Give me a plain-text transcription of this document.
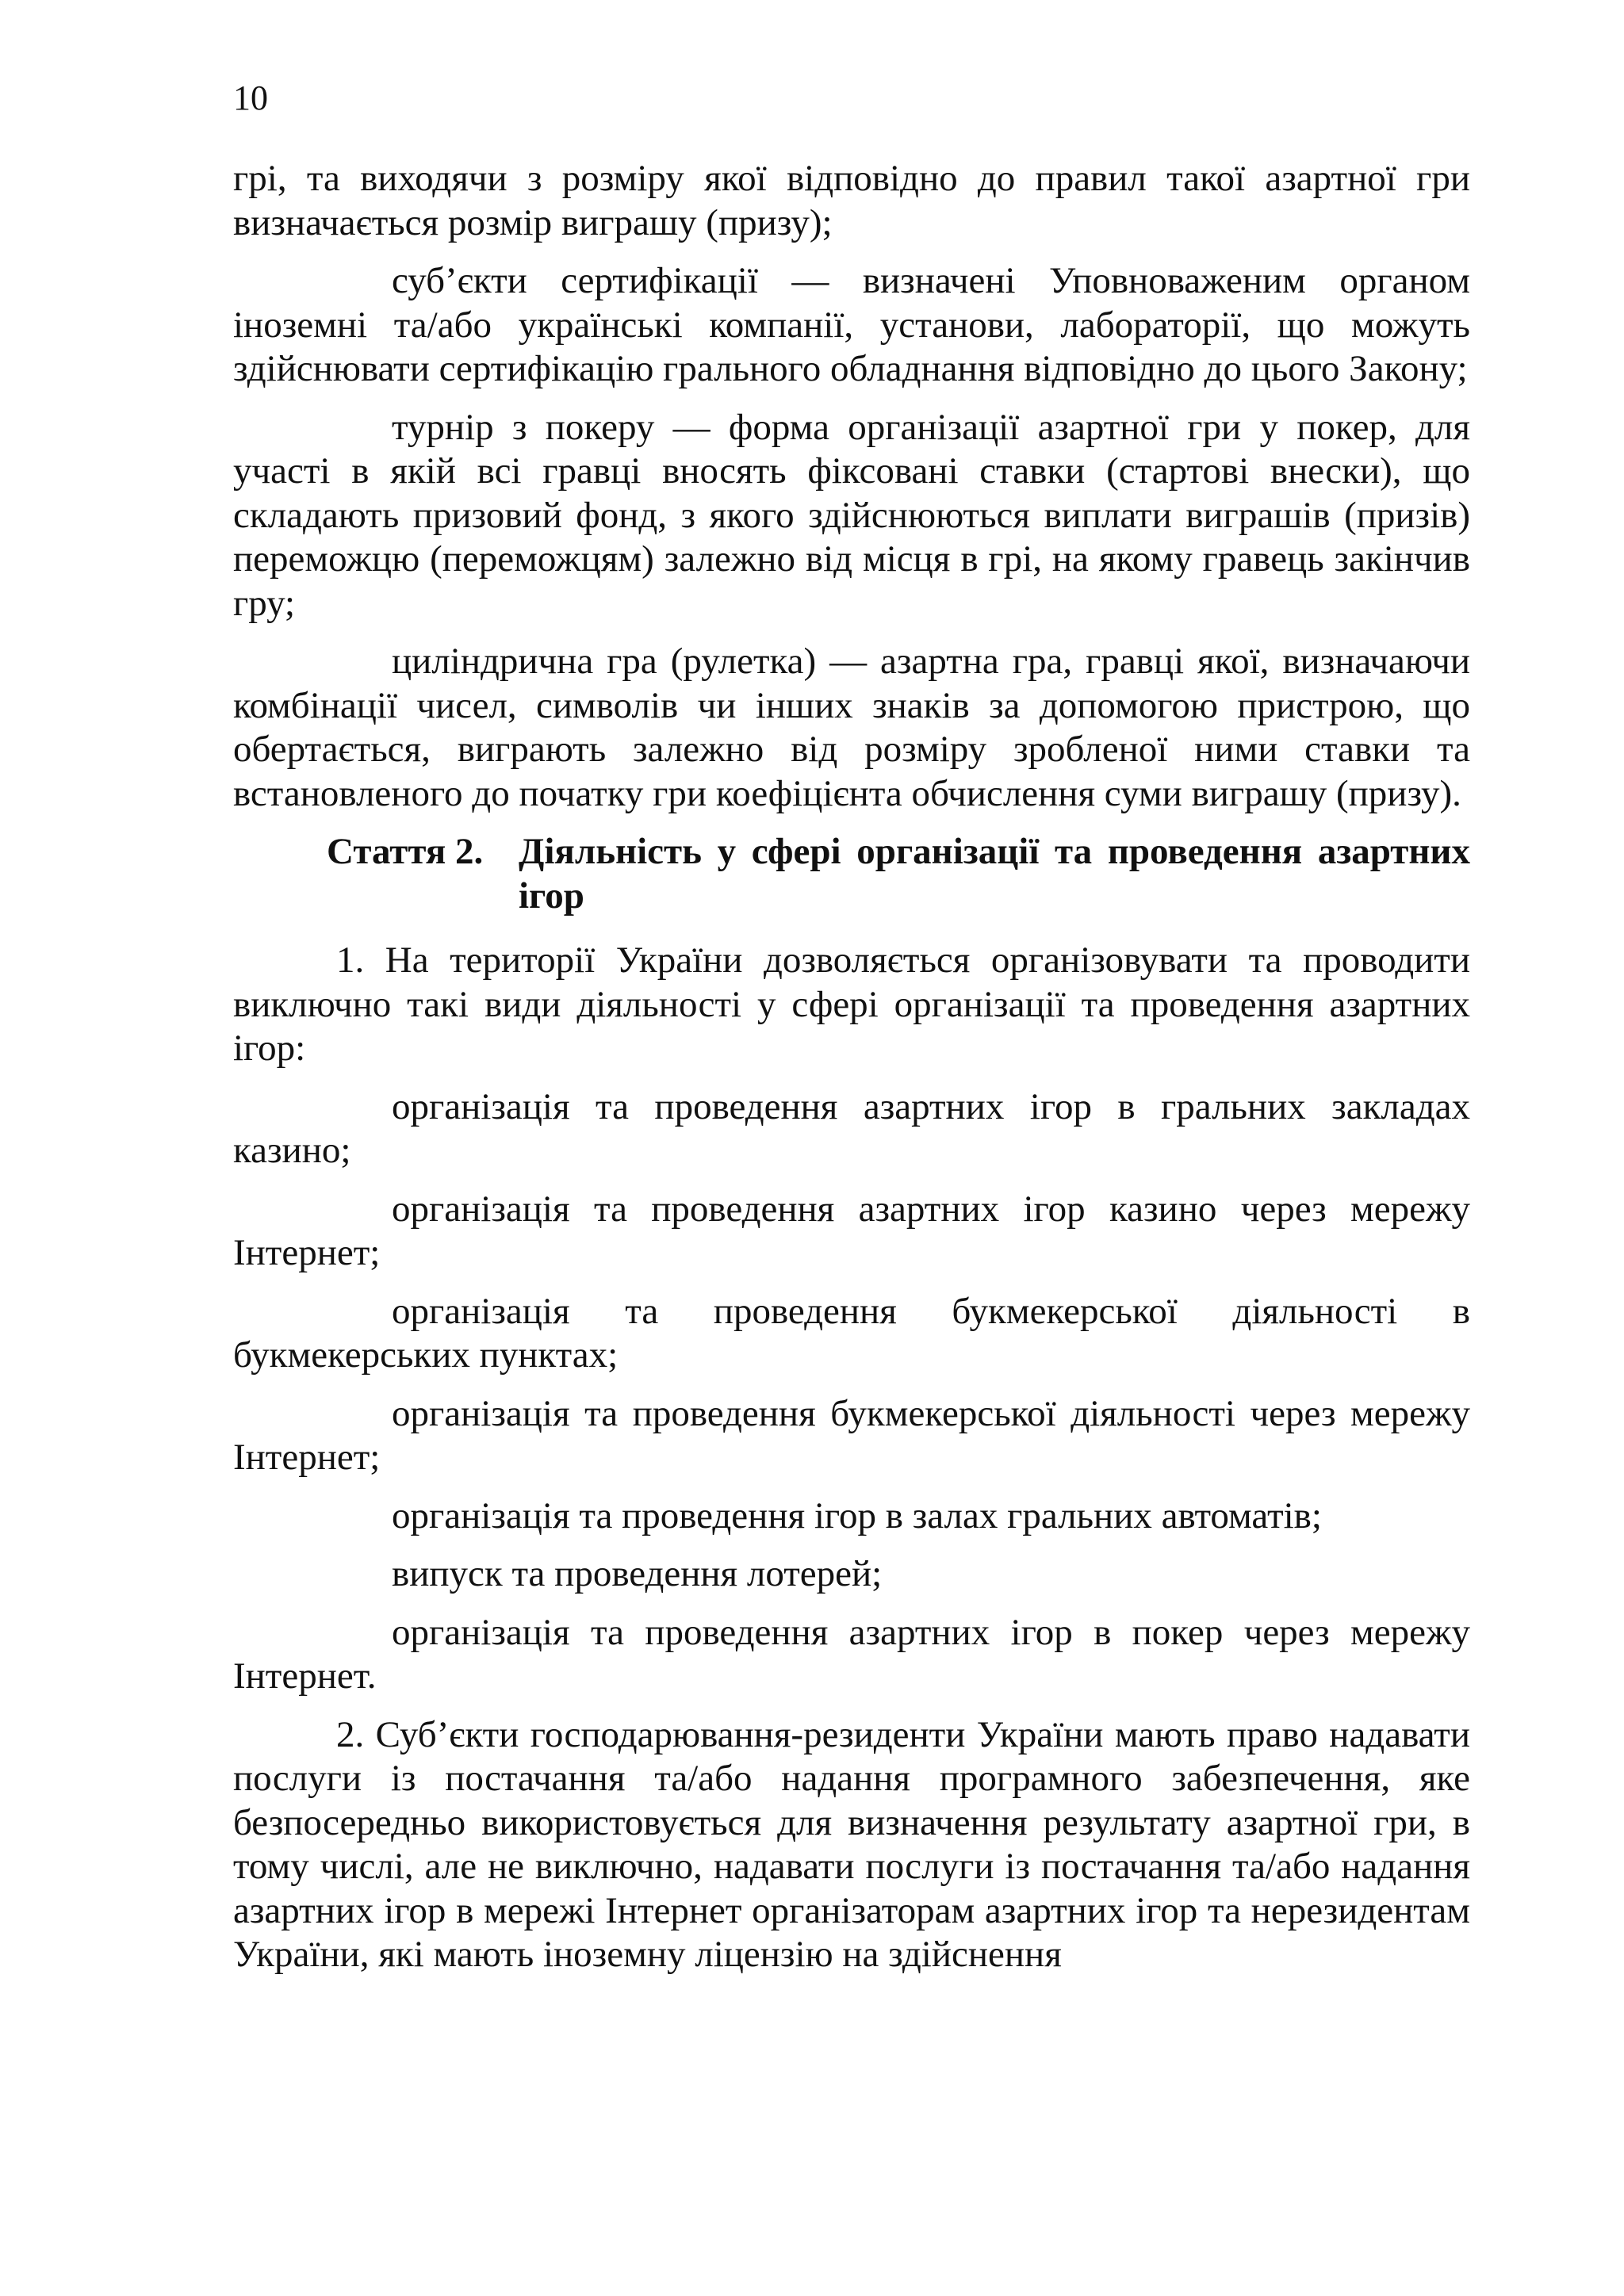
10

грі, та виходячи з розміру якої відповідно до правил такої азартної гри визначається розмір виграшу (призу);

суб’єкти сертифікації — визначені Уповноваженим органом іноземні та/або українські компанії, установи, лабораторії, що можуть здійснювати сертифікацію грального обладнання відповідно до цього Закону;

турнір з покеру — форма організації азартної гри у покер, для участі в якій всі гравці вносять фіксовані ставки (стартові внески), що складають призовий фонд, з якого здійснюються виплати виграшів (призів) переможцю (переможцям) залежно від місця в грі, на якому гравець закінчив гру;

циліндрична гра (рулетка) — азартна гра, гравці якої, визначаючи комбінації чисел, символів чи інших знаків за допомогою пристрою, що обертається, виграють залежно від розміру зробленої ними ставки та встановленого до початку гри коефіцієнта обчислення суми виграшу (призу).

Стаття 2. Діяльність у сфері організації та проведення азартних ігор

1. На території України дозволяється організовувати та проводити виключно такі види діяльності у сфері організації та проведення азартних ігор:

організація та проведення азартних ігор в гральних закладах казино;

організація та проведення азартних ігор казино через мережу Інтернет;

організація та проведення букмекерської діяльності в букмекерських пунктах;

організація та проведення букмекерської діяльності через мережу Інтернет;

організація та проведення ігор в залах гральних автоматів;

випуск та проведення лотерей;

організація та проведення азартних ігор в покер через мережу Інтернет.

2. Суб’єкти господарювання-резиденти України мають право надавати послуги із постачання та/або надання програмного забезпечення, яке безпосередньо використовується для визначення результату азартної гри, в тому числі, але не виключно, надавати послуги із постачання та/або надання азартних ігор в мережі Інтернет організаторам азартних ігор та нерезидентам України, які мають іноземну ліцензію на здійснення
